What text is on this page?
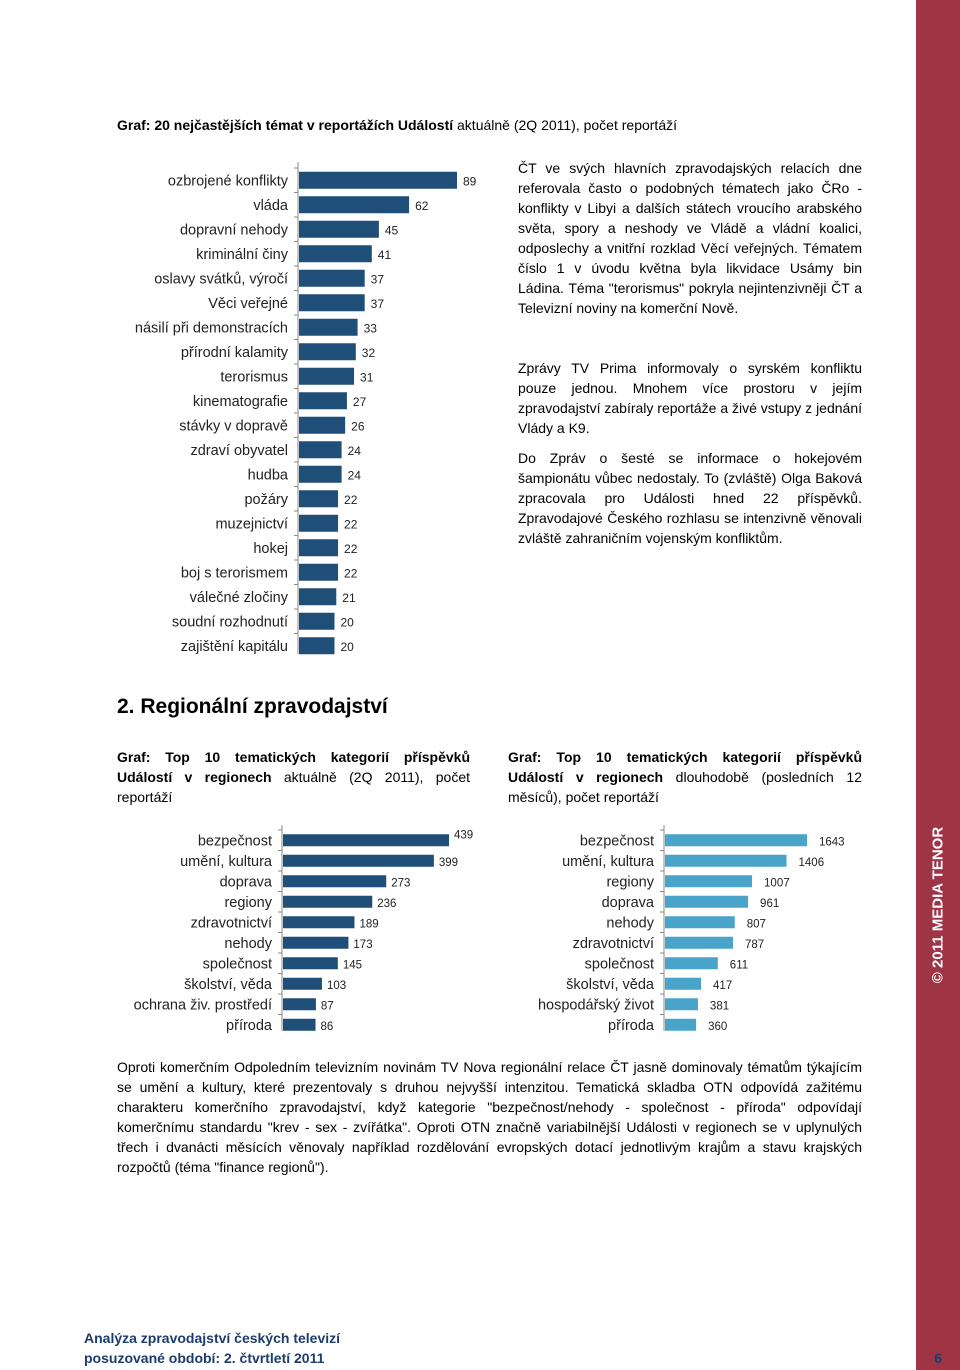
© 2011 MEDIA TENOR
Graf: 20 nejčastějších témat v reportážích Událostí aktuálně (2Q 2011), počet reportáží
ozbrojené konflikty	89
vláda	62
dopravní nehody	45
kriminální činy	41
oslavy svátků, výročí	37
Věci veřejné	37
násilí při demonstracích	33
přírodní kalamity	32
terorismus	31
kinematografie	27
stávky v dopravě	26
zdraví obyvatel	24
hudba	24
požáry	22
muzejnictví	22
hokej	22
boj s terorismem	22
válečné zločiny	21
soudní rozhodnutí	20
zajištění kapitálu	20
ČT ve svých hlavních zpravodajských relacích dne referovala často o podobných tématech jako ČRo - konflikty v Libyi a dalších státech vroucího arabského světa, spory a neshody ve Vládě a vládní koalici, odposlechy a vnitřní rozklad Věcí veřejných. Tématem číslo 1 v úvodu května byla likvidace Usámy bin Ládina. Téma "terorismus" pokryla nejintenzivněji ČT a Televizní noviny na komerční Nově.
Zprávy TV Prima informovaly o syrském konfliktu pouze jednou. Mnohem více prostoru v jejím zpravodajství zabíraly reportáže a živé vstupy z jednání Vlády a K9.
Do Zpráv o šesté se informace o hokejovém šampionátu vůbec nedostaly. To (zvláště) Olga Baková zpracovala pro Události hned 22 příspěvků. Zpravodajové Českého rozhlasu se intenzivně věnovali zvláště zahraničním vojenským konfliktům.
2. Regionální zpravodajství
Graf: Top 10 tematických kategorií příspěvků Událostí v regionech aktuálně (2Q 2011), počet reportáží
Graf: Top 10 tematických kategorií příspěvků Událostí v regionech dlouhodobě (posledních 12 měsíců), počet reportáží
bezpečnost	439
umění, kultura	399
doprava	273
regiony	236
zdravotnictví	189
nehody	173
společnost	145
školství, věda	103
ochrana živ. prostředí	87
příroda	86
bezpečnost	1643
umění, kultura	1406
regiony	1007
doprava	961
nehody	807
zdravotnictví	787
společnost	611
školství, věda	417
hospodářský život	381
příroda	360
Oproti komerčním Odpoledním televizním novinám TV Nova regionální relace ČT jasně dominovaly tématům týkajícím se umění a kultury, které prezentovaly s druhou nejvyšší intenzitou. Tematická skladba OTN odpovídá zažitému charakteru komerčního zpravodajství, když kategorie "bezpečnost/nehody - společnost - příroda" odpovídají komerčnímu standardu "krev - sex - zvířátka". Oproti OTN značně variabilnější Události v regionech se v uplynulých třech i dvanácti měsících věnovaly například rozdělování evropských dotací jednotlivým krajům a stavu krajských rozpočtů (téma "finance regionů").
Analýza zpravodajství českých televizí
posuzované období: 2. čtvrtletí 2011	6
